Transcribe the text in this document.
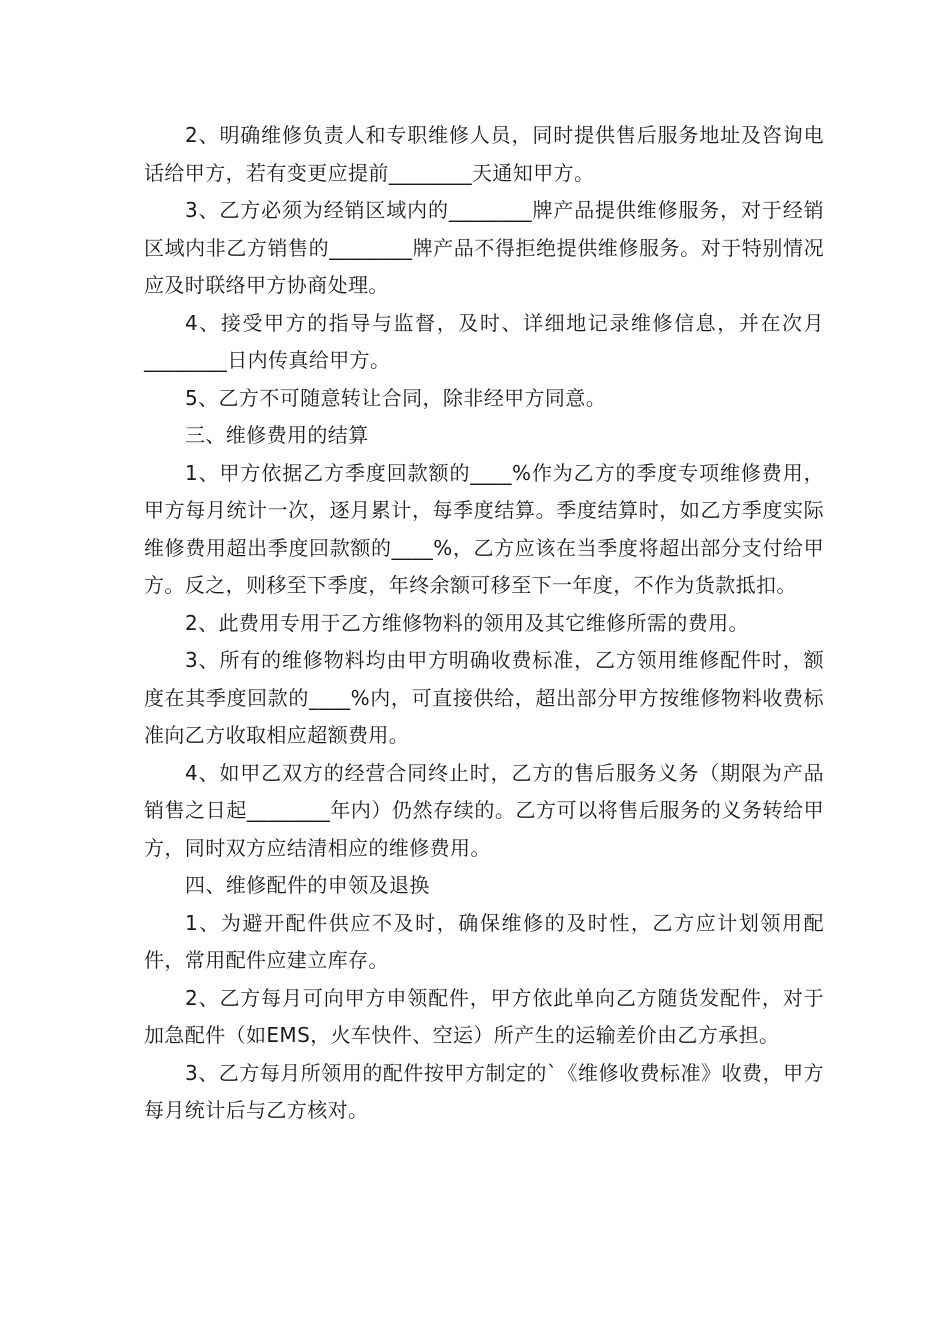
2、明确维修负责人和专职维修人员，同时提供售后服务地址及咨询电话给甲方，若有变更应提前________天通知甲方。

3、乙方必须为经销区域内的________牌产品提供维修服务，对于经销区域内非乙方销售的________牌产品不得拒绝提供维修服务。对于特别情况应及时联络甲方协商处理。

4、接受甲方的指导与监督，及时、详细地记录维修信息，并在次月________日内传真给甲方。

5、乙方不可随意转让合同，除非经甲方同意。

三、维修费用的结算

1、甲方依据乙方季度回款额的____%作为乙方的季度专项维修费用，甲方每月统计一次，逐月累计，每季度结算。季度结算时，如乙方季度实际维修费用超出季度回款额的____%，乙方应该在当季度将超出部分支付给甲方。反之，则移至下季度，年终余额可移至下一年度，不作为货款抵扣。

2、此费用专用于乙方维修物料的领用及其它维修所需的费用。

3、所有的维修物料均由甲方明确收费标准，乙方领用维修配件时，额度在其季度回款的____%内，可直接供给，超出部分甲方按维修物料收费标准向乙方收取相应超额费用。

4、如甲乙双方的经营合同终止时，乙方的售后服务义务（期限为产品销售之日起________年内）仍然存续的。乙方可以将售后服务的义务转给甲方，同时双方应结清相应的维修费用。

四、维修配件的申领及退换

1、为避开配件供应不及时，确保维修的及时性，乙方应计划领用配件，常用配件应建立库存。

2、乙方每月可向甲方申领配件，甲方依此单向乙方随货发配件，对于加急配件（如EMS，火车快件、空运）所产生的运输差价由乙方承担。

3、乙方每月所领用的配件按甲方制定的`《维修收费标准》收费，甲方每月统计后与乙方核对。
